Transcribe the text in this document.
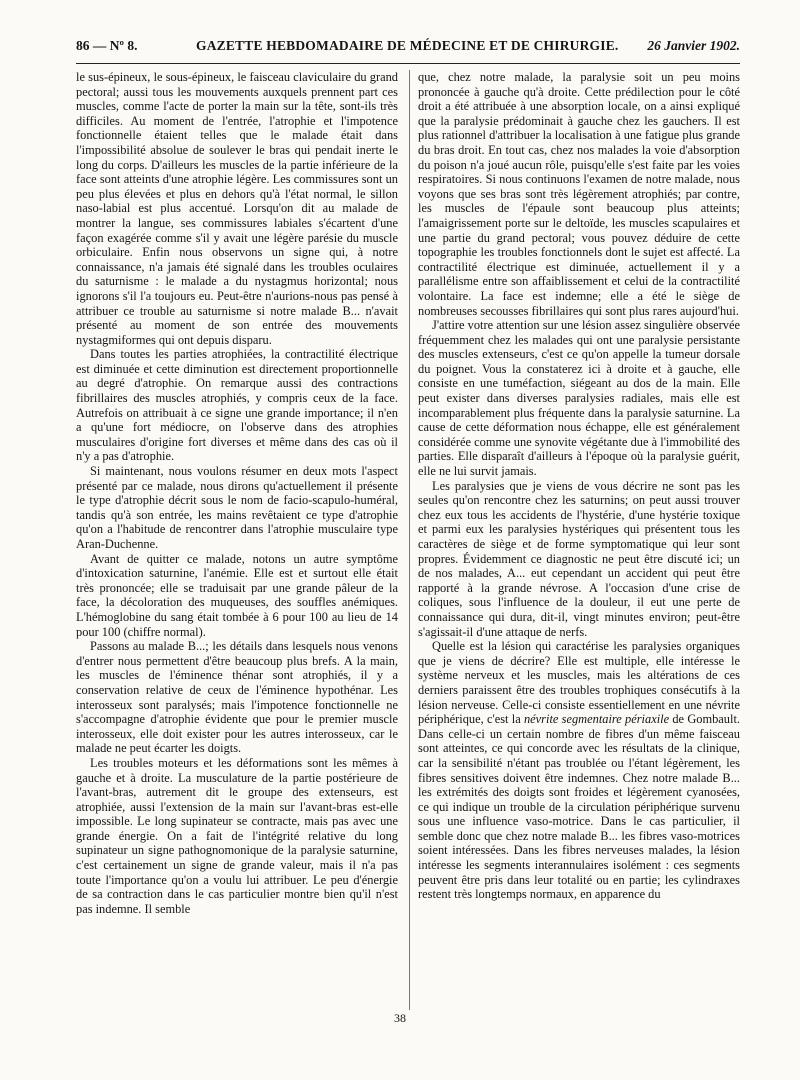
86 — Nº 8.	GAZETTE HEBDOMADAIRE DE MÉDECINE ET DE CHIRURGIE. 26 Janvier 1902.

le sus-épineux, le sous-épineux, le faisceau claviculaire du grand pectoral; aussi tous les mouvements auxquels prennent part ces muscles, comme l'acte de porter la main sur la tête, sont-ils très difficiles. Au moment de l'entrée, l'atrophie et l'impotence fonctionnelle étaient telles que le malade était dans l'impossibilité absolue de soulever le bras qui pendait inerte le long du corps. D'ailleurs les muscles de la partie inférieure de la face sont atteints d'une atrophie légère. Les commissures sont un peu plus élevées et plus en dehors qu'à l'état normal, le sillon naso-labial est plus accentué. Lorsqu'on dit au malade de montrer la langue, ses commissures labiales s'écartent d'une façon exagérée comme s'il y avait une légère parésie du muscle orbiculaire. Enfin nous observons un signe qui, à notre connaissance, n'a jamais été signalé dans les troubles oculaires du saturnisme : le malade a du nystagmus horizontal; nous ignorons s'il l'a toujours eu. Peut-être n'aurions-nous pas pensé à attribuer ce trouble au saturnisme si notre malade B... n'avait présenté au moment de son entrée des mouvements nystagmiformes qui ont depuis disparu.

Dans toutes les parties atrophiées, la contractilité électrique est diminuée et cette diminution est directement proportionnelle au degré d'atrophie. On remarque aussi des contractions fibrillaires des muscles atrophiés, y compris ceux de la face. Autrefois on attribuait à ce signe une grande importance; il n'en a qu'une fort médiocre, on l'observe dans des atrophies musculaires d'origine fort diverses et même dans des cas où il n'y a pas d'atrophie.

Si maintenant, nous voulons résumer en deux mots l'aspect présenté par ce malade, nous dirons qu'actuellement il présente le type d'atrophie décrit sous le nom de facio-scapulo-huméral, tandis qu'à son entrée, les mains revêtaient ce type d'atrophie qu'on a l'habitude de rencontrer dans l'atrophie musculaire type Aran-Duchenne.

Avant de quitter ce malade, notons un autre symptôme d'intoxication saturnine, l'anémie. Elle est et surtout elle était très prononcée; elle se traduisait par une grande pâleur de la face, la décoloration des muqueuses, des souffles anémiques. L'hémoglobine du sang était tombée à 6 pour 100 au lieu de 14 pour 100 (chiffre normal).

Passons au malade B...; les détails dans lesquels nous venons d'entrer nous permettent d'être beaucoup plus brefs. A la main, les muscles de l'éminence thénar sont atrophiés, il y a conservation relative de ceux de l'éminence hypothénar. Les interosseux sont paralysés; mais l'impotence fonctionnelle ne s'accompagne d'atrophie évidente que pour le premier muscle interosseux, elle doit exister pour les autres interosseux, car le malade ne peut écarter les doigts.

Les troubles moteurs et les déformations sont les mêmes à gauche et à droite. La musculature de la partie postérieure de l'avant-bras, autrement dit le groupe des extenseurs, est atrophiée, aussi l'extension de la main sur l'avant-bras est-elle impossible. Le long supinateur se contracte, mais pas avec une grande énergie. On a fait de l'intégrité relative du long supinateur un signe pathognomonique de la paralysie saturnine, c'est certainement un signe de grande valeur, mais il n'a pas toute l'importance qu'on a voulu lui attribuer. Le peu d'énergie de sa contraction dans le cas particulier montre bien qu'il n'est pas indemne. Il semble

que, chez notre malade, la paralysie soit un peu moins prononcée à gauche qu'à droite. Cette prédilection pour le côté droit a été attribuée à une absorption locale, on a ainsi expliqué que la paralysie prédominait à gauche chez les gauchers. Il est plus rationnel d'attribuer la localisation à une fatigue plus grande du bras droit. En tout cas, chez nos malades la voie d'absorption du poison n'a joué aucun rôle, puisqu'elle s'est faite par les voies respiratoires. Si nous continuons l'examen de notre malade, nous voyons que ses bras sont très légèrement atrophiés; par contre, les muscles de l'épaule sont beaucoup plus atteints; l'amaigrissement porte sur le deltoïde, les muscles scapulaires et une partie du grand pectoral; vous pouvez déduire de cette topographie les troubles fonctionnels dont le sujet est affecté. La contractilité électrique est diminuée, actuellement il y a parallélisme entre son affaiblissement et celui de la contractilité volontaire. La face est indemne; elle a été le siège de nombreuses secousses fibrillaires qui sont plus rares aujourd'hui.

J'attire votre attention sur une lésion assez singulière observée fréquemment chez les malades qui ont une paralysie persistante des muscles extenseurs, c'est ce qu'on appelle la tumeur dorsale du poignet. Vous la constaterez ici à droite et à gauche, elle consiste en une tuméfaction, siégeant au dos de la main. Elle peut exister dans diverses paralysies radiales, mais elle est incomparablement plus fréquente dans la paralysie saturnine. La cause de cette déformation nous échappe, elle est généralement considérée comme une synovite végétante due à l'immobilité des parties. Elle disparaît d'ailleurs à l'époque où la paralysie guérit, elle ne lui survit jamais.

Les paralysies que je viens de vous décrire ne sont pas les seules qu'on rencontre chez les saturnins; on peut aussi trouver chez eux tous les accidents de l'hystérie, d'une hystérie toxique et parmi eux les paralysies hystériques qui présentent tous les caractères de siège et de forme symptomatique qui leur sont propres. Évidemment ce diagnostic ne peut être discuté ici; un de nos malades, A... eut cependant un accident qui peut être rapporté à la grande névrose. A l'occasion d'une crise de coliques, sous l'influence de la douleur, il eut une perte de connaissance qui dura, dit-il, vingt minutes environ; peut-être s'agissait-il d'une attaque de nerfs.

Quelle est la lésion qui caractérise les paralysies organiques que je viens de décrire? Elle est multiple, elle intéresse le système nerveux et les muscles, mais les altérations de ces derniers paraissent être des troubles trophiques consécutifs à la lésion nerveuse. Celle-ci consiste essentiellement en une névrite périphérique, c'est la névrite segmentaire périaxile de Gombault. Dans celle-ci un certain nombre de fibres d'un même faisceau sont atteintes, ce qui concorde avec les résultats de la clinique, car la sensibilité n'étant pas troublée ou l'étant légèrement, les fibres sensitives doivent être indemnes. Chez notre malade B... les extrémités des doigts sont froides et légèrement cyanosées, ce qui indique un trouble de la circulation périphérique survenu sous une influence vaso-motrice. Dans le cas particulier, il semble donc que chez notre malade B... les fibres vaso-motrices soient intéressées. Dans les fibres nerveuses malades, la lésion intéresse les segments interannulaires isolément : ces segments peuvent être pris dans leur totalité ou en partie; les cylindraxes restent très longtemps normaux, en apparence du

38
